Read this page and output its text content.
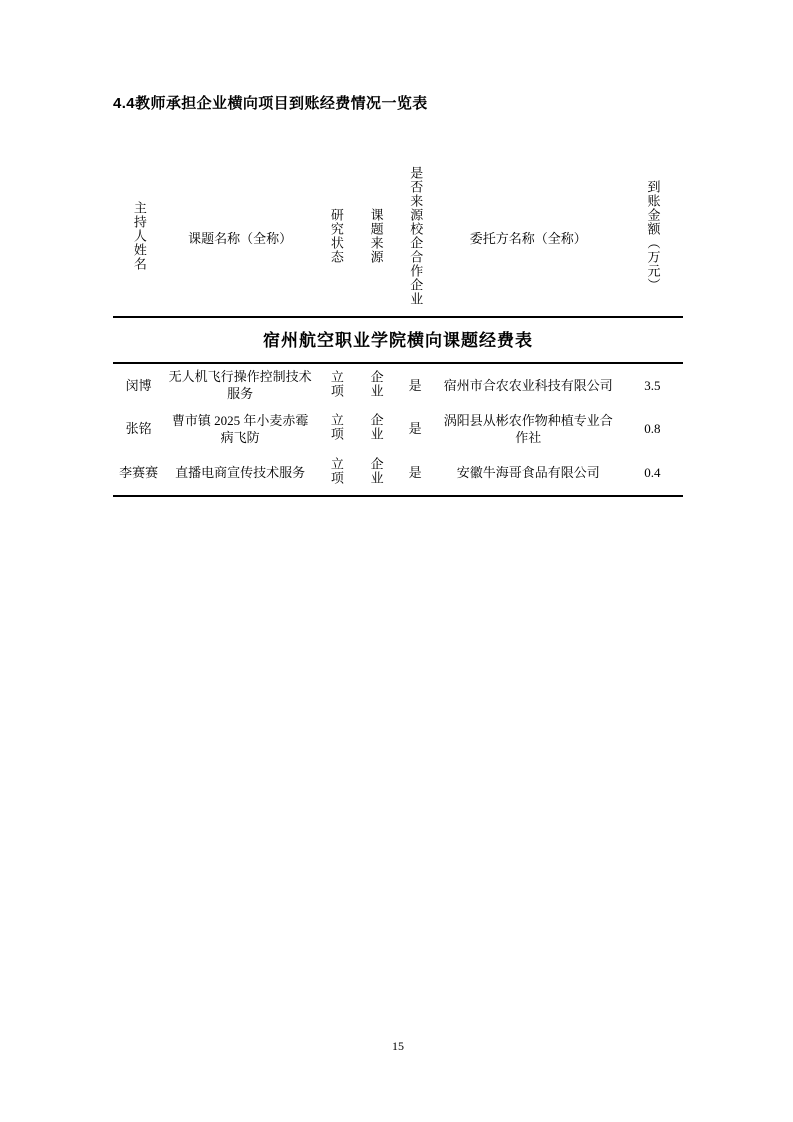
4.4教师承担企业横向项目到账经费情况一览表
宿州航空职业学院横向课题经费表						
主持人姓名	课题名称（全称）	研究状态	课题来源	是否来源校企合作企业	委托方名称（全称）	到账金额（万元）
闵博	无人机飞行操作控制技术服务	立项	企业	是	宿州市合农农业科技有限公司	3.5
张铭	曹市镇 2025 年小麦赤霉病飞防	立项	企业	是	涡阳县从彬农作物种植专业合作社	0.8
李赛赛	直播电商宣传技术服务	立项	企业	是	安徽牛海哥食品有限公司	0.4
15
